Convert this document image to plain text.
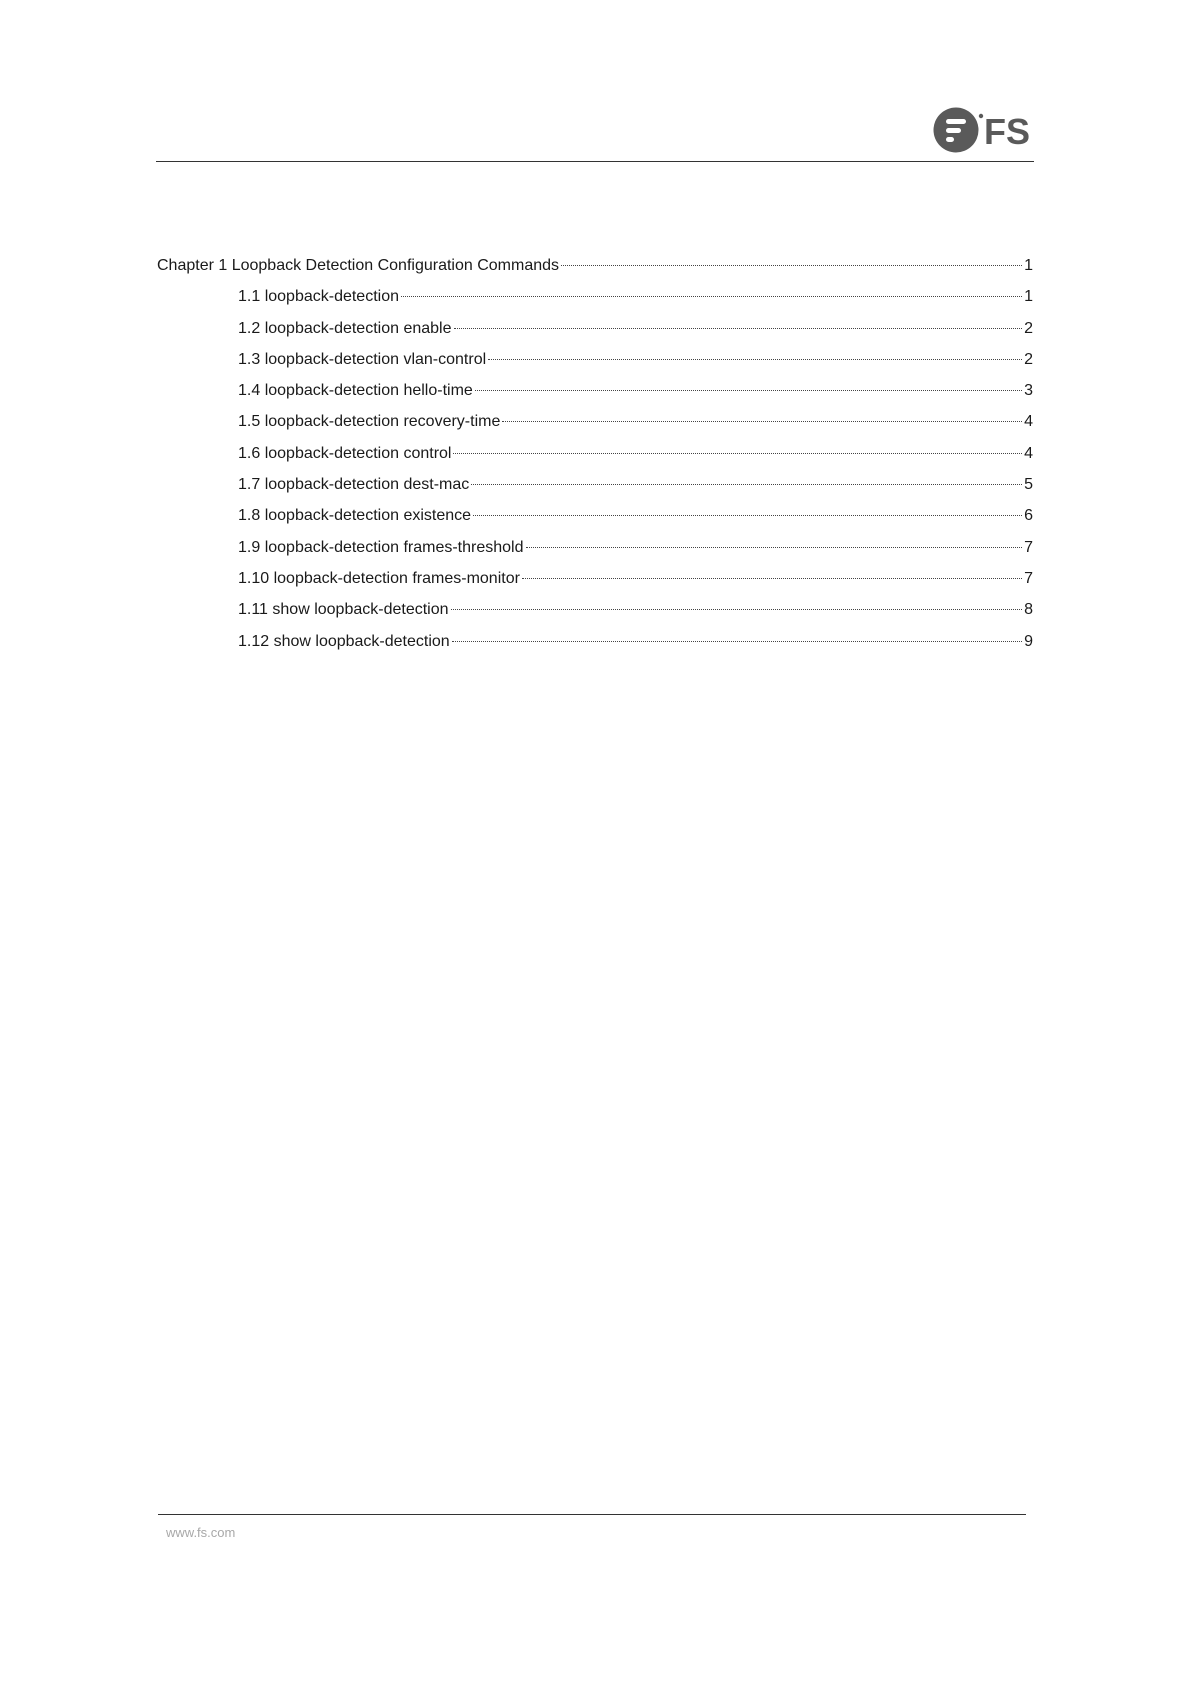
FS
Chapter 1 Loopback Detection Configuration Commands	1
1.1 loopback-detection	1
1.2 loopback-detection enable	2
1.3 loopback-detection vlan-control	2
1.4 loopback-detection hello-time	3
1.5 loopback-detection recovery-time	4
1.6 loopback-detection control	4
1.7 loopback-detection dest-mac	5
1.8 loopback-detection existence	6
1.9 loopback-detection frames-threshold	7
1.10 loopback-detection frames-monitor	7
1.11 show loopback-detection	8
1.12 show loopback-detection	9
www.fs.com
